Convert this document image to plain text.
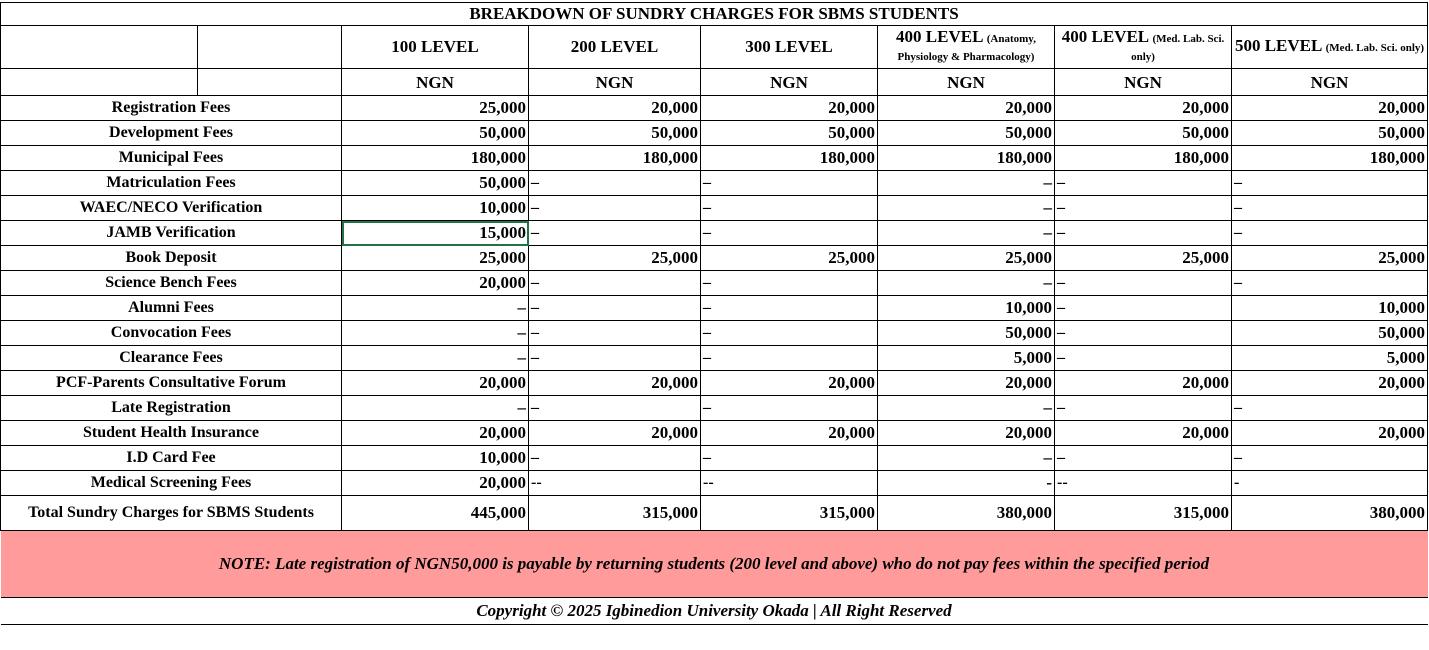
BREAKDOWN OF SUNDRY CHARGES FOR SBMS STUDENTS							
		100 LEVEL	200 LEVEL	300 LEVEL	400 LEVEL (Anatomy, Physiology & Pharmacology)	400 LEVEL (Med. Lab. Sci. only)	500 LEVEL (Med. Lab. Sci. only)
		NGN	NGN	NGN	NGN	NGN	NGN
Registration Fees		25,000	20,000	20,000	20,000	20,000	20,000
Development Fees		50,000	50,000	50,000	50,000	50,000	50,000
Municipal Fees		180,000	180,000	180,000	180,000	180,000	180,000
Matriculation Fees		50,000	–	–	–	–	–
WAEC/NECO Verification		10,000	–	–	–	–	–
JAMB Verification		15,000	–	–	–	–	–
Book Deposit		25,000	25,000	25,000	25,000	25,000	25,000
Science Bench Fees		20,000	–	–	–	–	–
Alumni Fees		–	–	–	10,000	–	10,000
Convocation Fees		–	–	–	50,000	–	50,000
Clearance Fees		–	–	–	5,000	–	5,000
PCF-Parents Consultative Forum		20,000	20,000	20,000	20,000	20,000	20,000
Late Registration		–	–	–	–	–	–
Student Health Insurance		20,000	20,000	20,000	20,000	20,000	20,000
I.D Card Fee		10,000	–	–	–	–	–
Medical Screening Fees		20,000	--	--	-	--	-
Total Sundry Charges for SBMS Students		445,000	315,000	315,000	380,000	315,000	380,000
NOTE: Late registration of NGN50,000 is payable by returning students (200 level and above) who do not pay fees within the specified period							
Copyright © 2025 Igbinedion University Okada | All Right Reserved							
